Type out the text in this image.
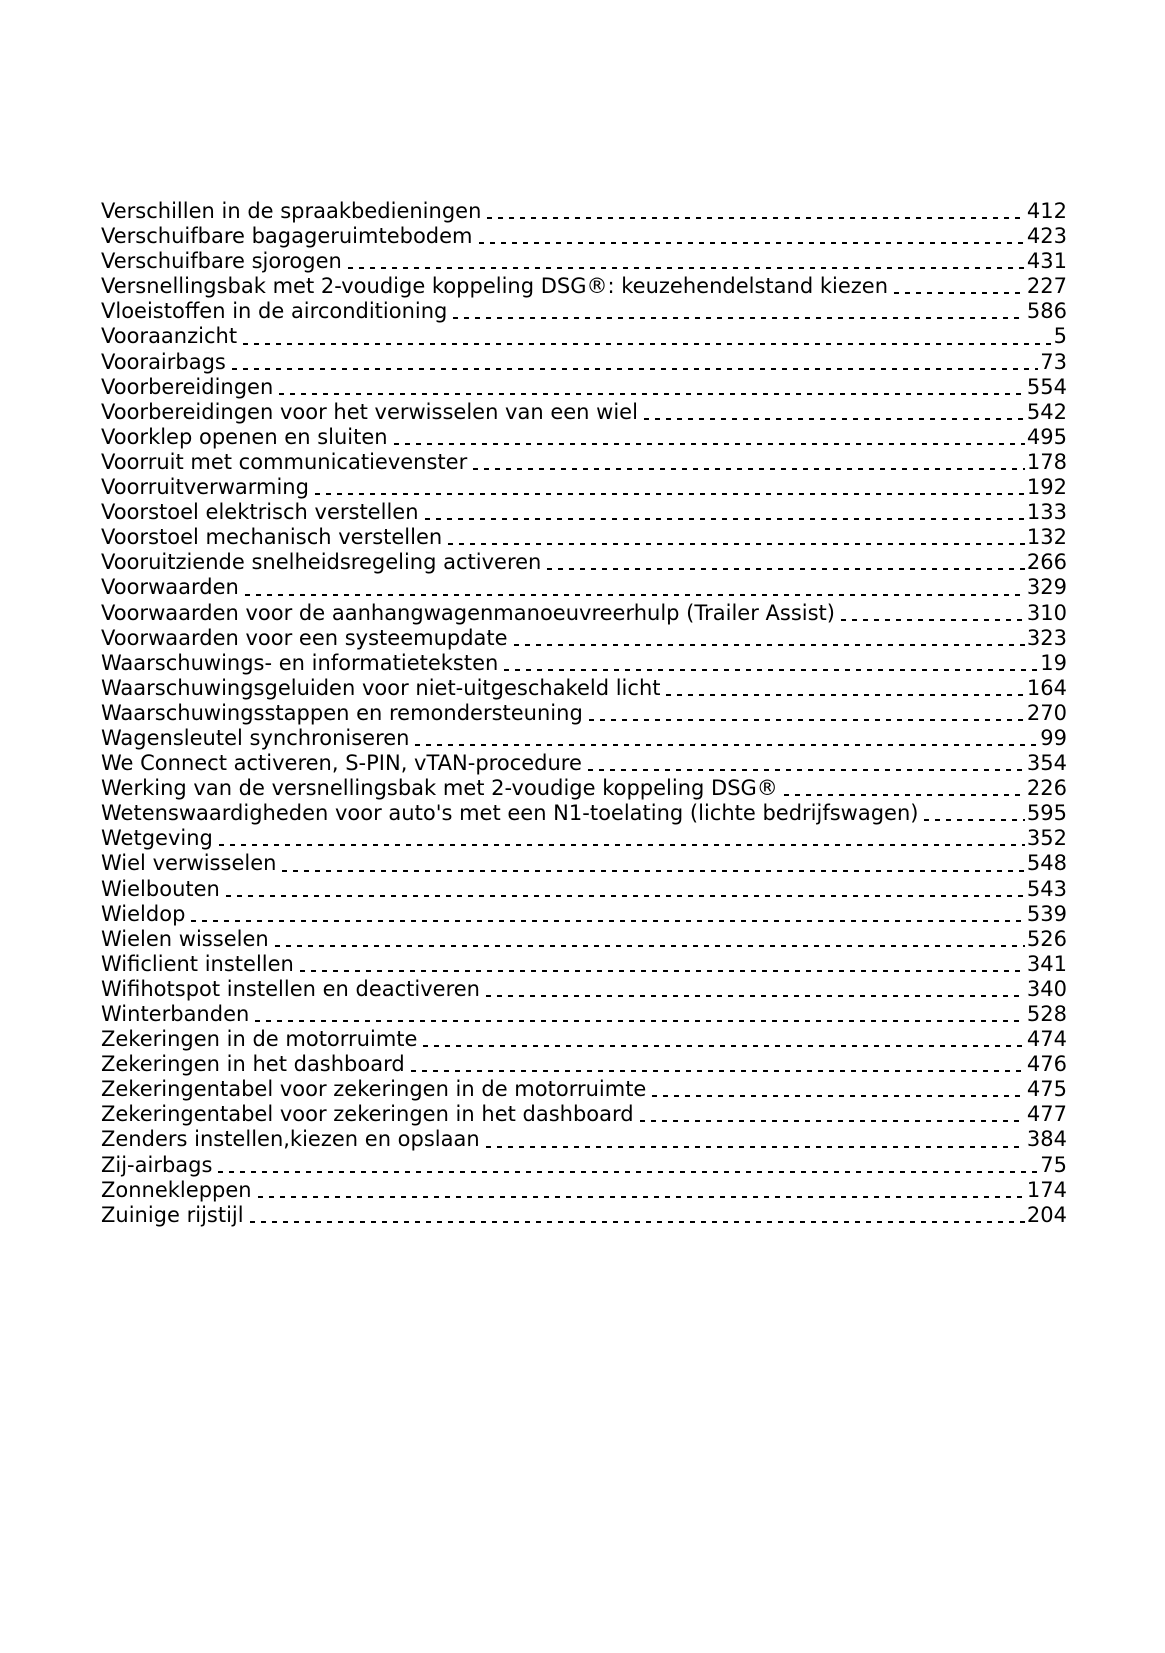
Verschillen in de spraakbedieningen	412
Verschuifbare bagageruimtebodem	423
Verschuifbare sjorogen	431
Versnellingsbak met 2-voudige koppeling DSG®: keuzehendelstand kiezen	227
Vloeistoffen in de airconditioning	586
Vooraanzicht	5
Voorairbags	73
Voorbereidingen	554
Voorbereidingen voor het verwisselen van een wiel	542
Voorklep openen en sluiten	495
Voorruit met communicatievenster	178
Voorruitverwarming	192
Voorstoel elektrisch verstellen	133
Voorstoel mechanisch verstellen	132
Vooruitziende snelheidsregeling activeren	266
Voorwaarden	329
Voorwaarden voor de aanhangwagenmanoeuvreerhulp (Trailer Assist)	310
Voorwaarden voor een systeemupdate	323
Waarschuwings- en informatieteksten	19
Waarschuwingsgeluiden voor niet-uitgeschakeld licht	164
Waarschuwingsstappen en remondersteuning	270
Wagensleutel synchroniseren	99
We Connect activeren, S-PIN, vTAN-procedure	354
Werking van de versnellingsbak met 2-voudige koppeling DSG®	226
Wetenswaardigheden voor auto's met een N1-toelating (lichte bedrijfswagen)	595
Wetgeving	352
Wiel verwisselen	548
Wielbouten	543
Wieldop	539
Wielen wisselen	526
Wificlient instellen	341
Wifihotspot instellen en deactiveren	340
Winterbanden	528
Zekeringen in de motorruimte	474
Zekeringen in het dashboard	476
Zekeringentabel voor zekeringen in de motorruimte	475
Zekeringentabel voor zekeringen in het dashboard	477
Zenders instellen,kiezen en opslaan	384
Zij-airbags	75
Zonnekleppen	174
Zuinige rijstijl	204
